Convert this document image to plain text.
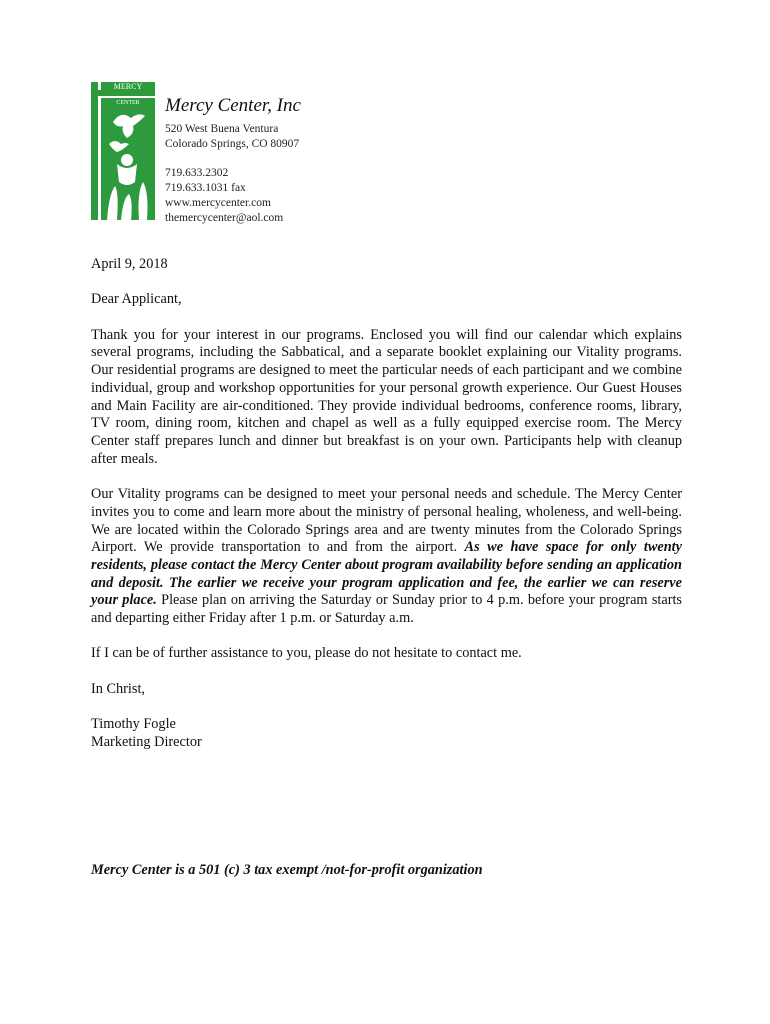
MERCY
CENTER Mercy Center, Inc
520 West Buena Ventura
Colorado Springs, CO 80907
719.633.2302
719.633.1031 fax
www.mercycenter.com
themercycenter@aol.com

April 9, 2018

Dear Applicant,

Thank you for your interest in our programs. Enclosed you will find our calendar which explains several programs, including the Sabbatical, and a separate booklet explaining our Vitality programs. Our residential programs are designed to meet the particular needs of each participant and we combine individual, group and workshop opportunities for your personal growth experience. Our Guest Houses and Main Facility are air-conditioned. They provide individual bedrooms, conference rooms, library, TV room, dining room, kitchen and chapel as well as a fully equipped exercise room. The Mercy Center staff prepares lunch and dinner but breakfast is on your own. Participants help with cleanup after meals.

Our Vitality programs can be designed to meet your personal needs and schedule. The Mercy Center invites you to come and learn more about the ministry of personal healing, wholeness, and well-being. We are located within the Colorado Springs area and are twenty minutes from the Colorado Springs Airport. We provide transportation to and from the airport. As we have space for only twenty residents, please contact the Mercy Center about program availability before sending an application and deposit. The earlier we receive your program application and fee, the earlier we can reserve your place. Please plan on arriving the Saturday or Sunday prior to 4 p.m. before your program starts and departing either Friday after 1 p.m. or Saturday a.m.

If I can be of further assistance to you, please do not hesitate to contact me.

In Christ,

Timothy Fogle
Marketing Director
Mercy Center is a 501 (c) 3 tax exempt /not-for-profit organization
